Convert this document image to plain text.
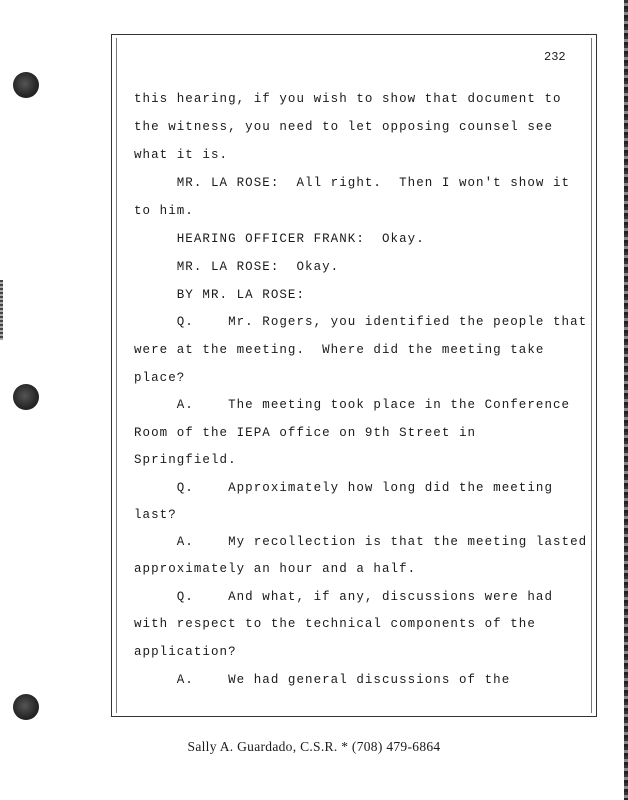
232
this hearing, if you wish to show that document to
the witness, you need to let opposing counsel see
what it is.
MR. LA ROSE:  All right.  Then I won't show it
to him.
HEARING OFFICER FRANK:  Okay.
MR. LA ROSE:  Okay.
BY MR. LA ROSE:
Q.    Mr. Rogers, you identified the people that
were at the meeting.  Where did the meeting take
place?
A.    The meeting took place in the Conference
Room of the IEPA office on 9th Street in
Springfield.
Q.    Approximately how long did the meeting
last?
A.    My recollection is that the meeting lasted
approximately an hour and a half.
Q.    And what, if any, discussions were had
with respect to the technical components of the
application?
A.    We had general discussions of the
Sally A. Guardado, C.S.R. * (708) 479-6864
